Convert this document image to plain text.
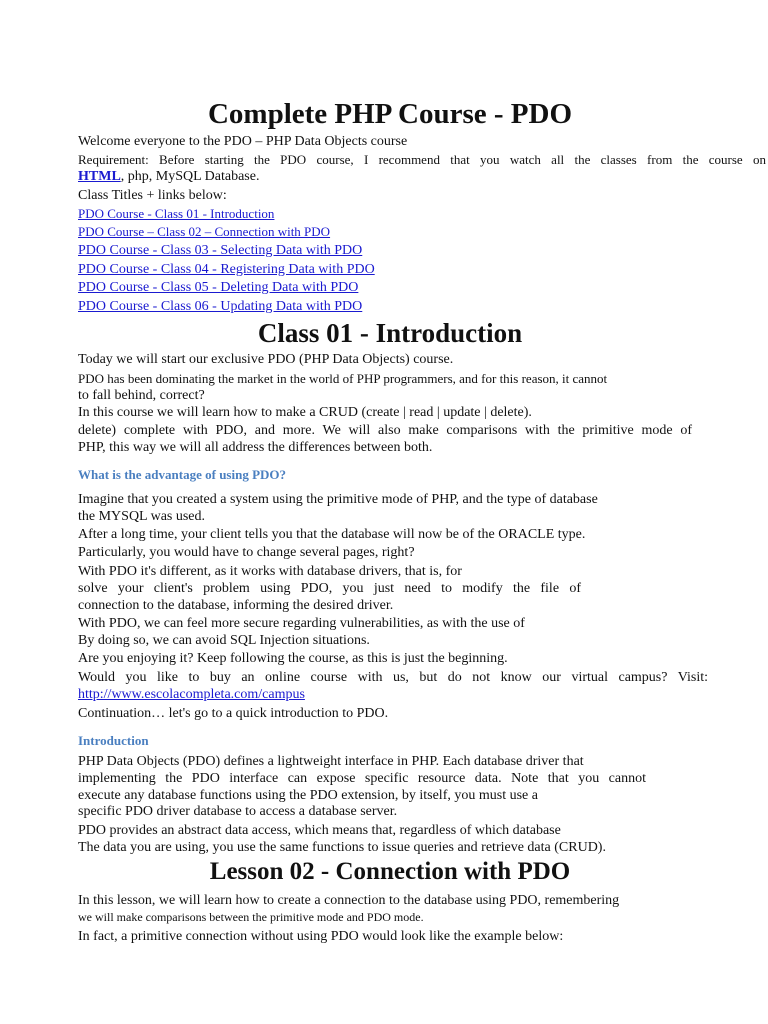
Complete PHP Course - PDO
Welcome everyone to the PDO – PHP Data Objects course
Requirement: Before starting the PDO course, I recommend that you watch all the classes from the course on
HTML, php, MySQL Database.
Class Titles + links below:
PDO Course - Class 01 - Introduction
PDO Course – Class 02 – Connection with PDO
PDO Course - Class 03 - Selecting Data with PDO
PDO Course - Class 04 - Registering Data with PDO
PDO Course - Class 05 - Deleting Data with PDO
PDO Course - Class 06 - Updating Data with PDO
Class 01 - Introduction
Today we will start our exclusive PDO (PHP Data Objects) course.
PDO has been dominating the market in the world of PHP programmers, and for this reason, it cannot
to fall behind, correct?
In this course we will learn how to make a CRUD (create | read | update | delete).
delete) complete with PDO, and more. We will also make comparisons with the primitive mode of
PHP, this way we will all address the differences between both.
What is the advantage of using PDO?
Imagine that you created a system using the primitive mode of PHP, and the type of database
the MYSQL was used.
After a long time, your client tells you that the database will now be of the ORACLE type.
Particularly, you would have to change several pages, right?
With PDO it's different, as it works with database drivers, that is, for
solve your client's problem using PDO, you just need to modify the file of
connection to the database, informing the desired driver.
With PDO, we can feel more secure regarding vulnerabilities, as with the use of
By doing so, we can avoid SQL Injection situations.
Are you enjoying it? Keep following the course, as this is just the beginning.
Would you like to buy an online course with us, but do not know our virtual campus? Visit:
http://www.escolacompleta.com/campus
Continuation… let's go to a quick introduction to PDO.
Introduction
PHP Data Objects (PDO) defines a lightweight interface in PHP. Each database driver that
implementing the PDO interface can expose specific resource data. Note that you cannot
execute any database functions using the PDO extension, by itself, you must use a
specific PDO driver database to access a database server.
PDO provides an abstract data access, which means that, regardless of which database
The data you are using, you use the same functions to issue queries and retrieve data (CRUD).
Lesson 02 - Connection with PDO
In this lesson, we will learn how to create a connection to the database using PDO, remembering
we will make comparisons between the primitive mode and PDO mode.
In fact, a primitive connection without using PDO would look like the example below:
